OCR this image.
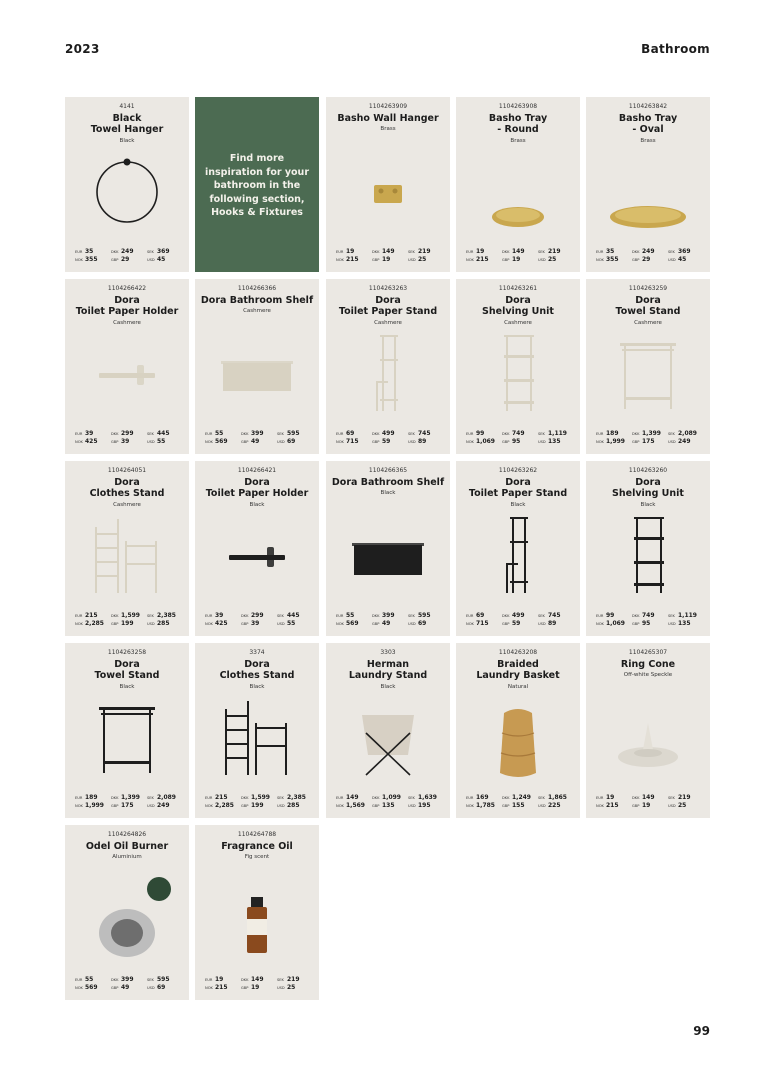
2023	Bathroom
99
4141
Black
Towel Hanger
Black
EUR 35	DKK 249	SEK 369
NOK 355	GBP 29	USD 45
Find more
inspiration for your
bathroom in the
following section,
Hooks & Fixtures
1104263909
Basho Wall Hanger
Brass
EUR 19	DKK 149	SEK 219
NOK 215	GBP 19	USD 25
1104263908
Basho Tray
- Round
Brass
EUR 19	DKK 149	SEK 219
NOK 215	GBP 19	USD 25
1104263842
Basho Tray
- Oval
Brass
EUR 35	DKK 249	SEK 369
NOK 355	GBP 29	USD 45
1104266422
Dora
Toilet Paper Holder
Cashmere
EUR 39	DKK 299	SEK 445
NOK 425	GBP 39	USD 55
1104266366
Dora Bathroom Shelf
Cashmere
EUR 55	DKK 399	SEK 595
NOK 569	GBP 49	USD 69
1104263263
Dora
Toilet Paper Stand
Cashmere
EUR 69	DKK 499	SEK 745
NOK 715	GBP 59	USD 89
1104263261
Dora
Shelving Unit
Cashmere
EUR 99	DKK 749	SEK 1,119
NOK 1,069	GBP 95	USD 135
1104263259
Dora
Towel Stand
Cashmere
EUR 189	DKK 1,399	SEK 2,089
NOK 1,999	GBP 175	USD 249
1104264051
Dora
Clothes Stand
Cashmere
EUR 215	DKK 1,599	SEK 2,385
NOK 2,285	GBP 199	USD 285
1104266421
Dora
Toilet Paper Holder
Black
EUR 39	DKK 299	SEK 445
NOK 425	GBP 39	USD 55
1104266365
Dora Bathroom Shelf
Black
EUR 55	DKK 399	SEK 595
NOK 569	GBP 49	USD 69
1104263262
Dora
Toilet Paper Stand
Black
EUR 69	DKK 499	SEK 745
NOK 715	GBP 59	USD 89
1104263260
Dora
Shelving Unit
Black
EUR 99	DKK 749	SEK 1,119
NOK 1,069	GBP 95	USD 135
1104263258
Dora
Towel Stand
Black
EUR 189	DKK 1,399	SEK 2,089
NOK 1,999	GBP 175	USD 249
3374
Dora
Clothes Stand
Black
EUR 215	DKK 1,599	SEK 2,385
NOK 2,285	GBP 199	USD 285
3303
Herman
Laundry Stand
Black
EUR 149	DKK 1,099	SEK 1,639
NOK 1,569	GBP 135	USD 195
1104263208
Braided
Laundry Basket
Natural
EUR 169	DKK 1,249	SEK 1,865
NOK 1,785	GBP 155	USD 225
1104265307
Ring Cone
Off-white Speckle
EUR 19	DKK 149	SEK 219
NOK 215	GBP 19	USD 25
1104264826
Odel Oil Burner
Aluminium
EUR 55	DKK 399	SEK 595
NOK 569	GBP 49	USD 69
1104264788
Fragrance Oil
Fig scent
EUR 19	DKK 149	SEK 219
NOK 215	GBP 19	USD 25
